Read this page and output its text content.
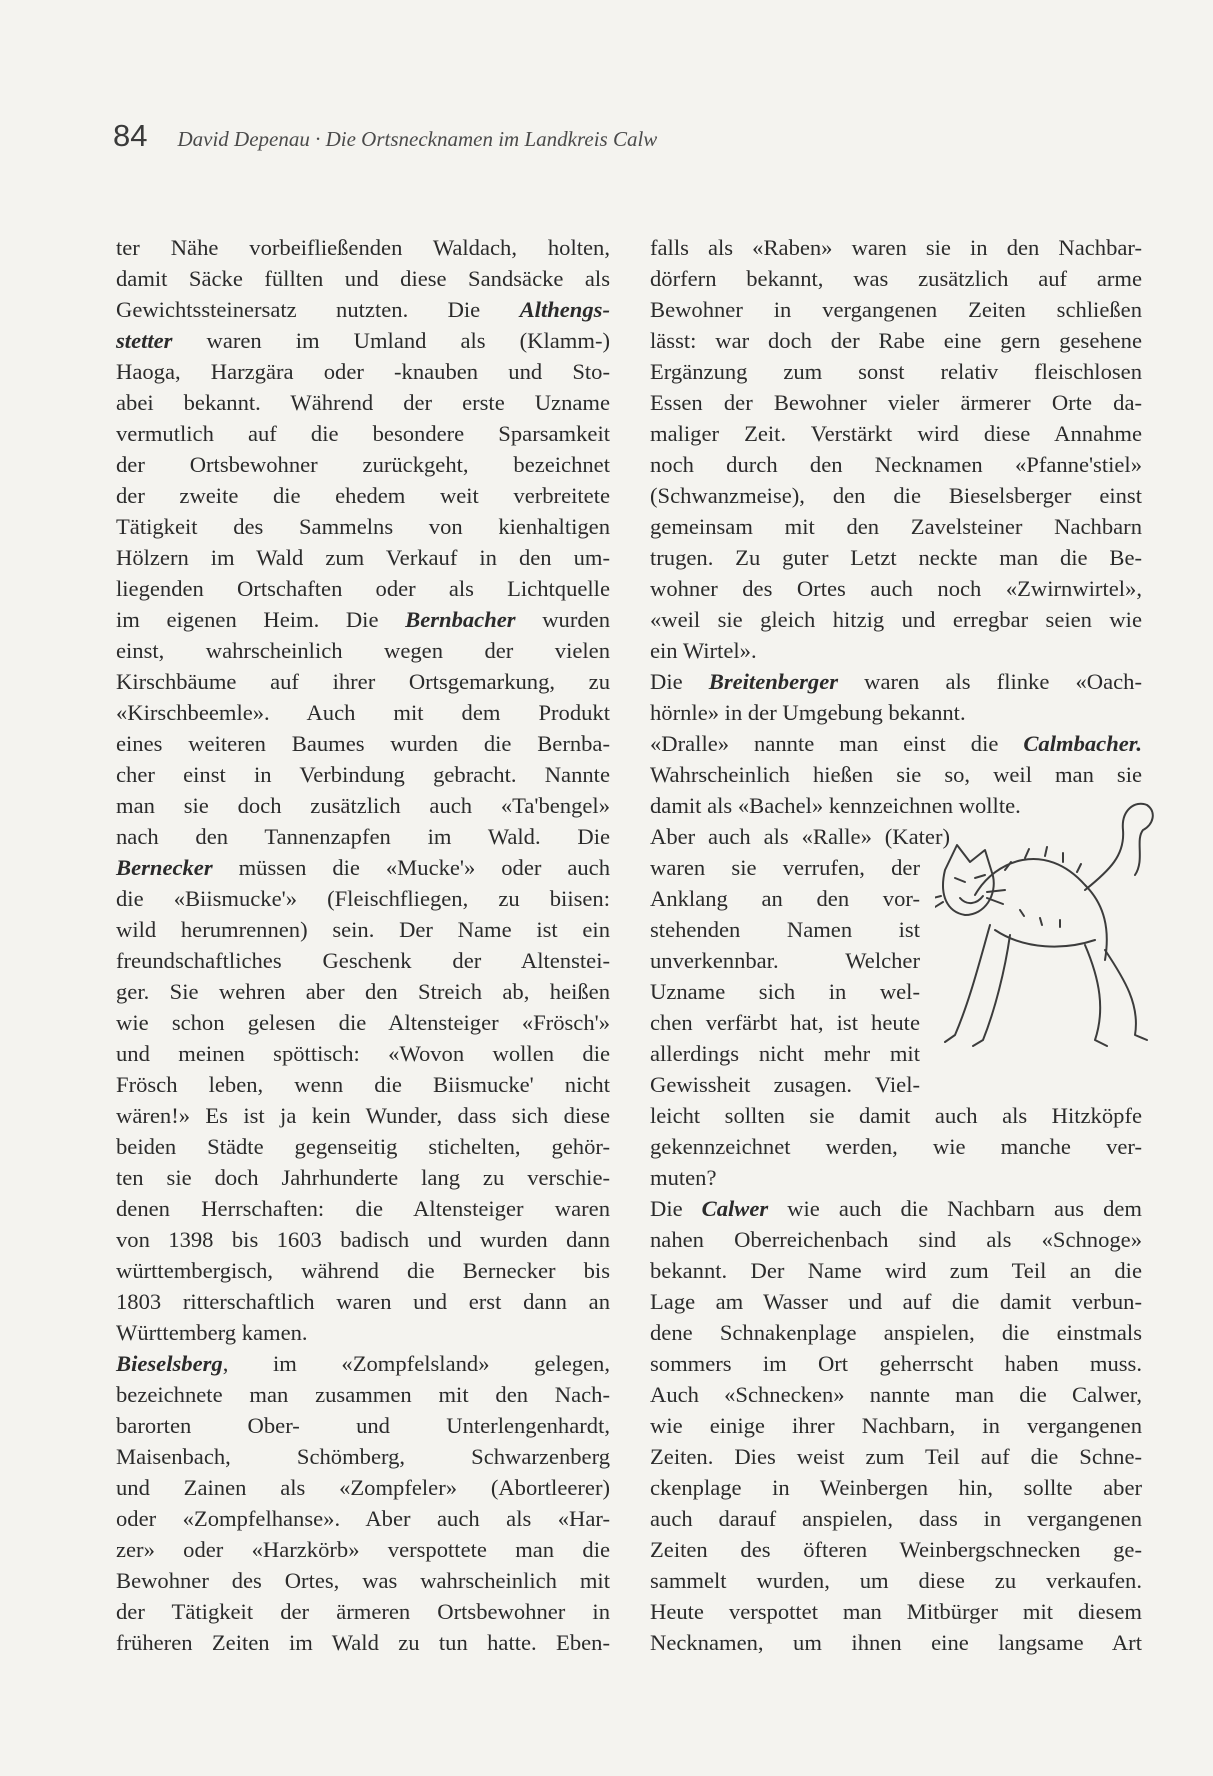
84 David Depenau · Die Ortsnecknamen im Landkreis Calw
ter Nähe vorbeifließenden Waldach, holten,
damit Säcke füllten und diese Sandsäcke als
Gewichtssteinersatz nutzten. Die Althengs-
stetter waren im Umland als (Klamm-)
Haoga, Harzgära oder -knauben und Sto-
abei bekannt. Während der erste Uzname
vermutlich auf die besondere Sparsamkeit
der Ortsbewohner zurückgeht, bezeichnet
der zweite die ehedem weit verbreitete
Tätigkeit des Sammelns von kienhaltigen
Hölzern im Wald zum Verkauf in den um-
liegenden Ortschaften oder als Lichtquelle
im eigenen Heim. Die Bernbacher wurden
einst, wahrscheinlich wegen der vielen
Kirschbäume auf ihrer Ortsgemarkung, zu
«Kirschbeemle». Auch mit dem Produkt
eines weiteren Baumes wurden die Bernba-
cher einst in Verbindung gebracht. Nannte
man sie doch zusätzlich auch «Ta'bengel»
nach den Tannenzapfen im Wald. Die
Bernecker müssen die «Mucke'» oder auch
die «Biismucke'» (Fleischfliegen, zu biisen:
wild herumrennen) sein. Der Name ist ein
freundschaftliches Geschenk der Altenstei-
ger. Sie wehren aber den Streich ab, heißen
wie schon gelesen die Altensteiger «Frösch'»
und meinen spöttisch: «Wovon wollen die
Frösch leben, wenn die Biismucke' nicht
wären!» Es ist ja kein Wunder, dass sich diese
beiden Städte gegenseitig stichelten, gehör-
ten sie doch Jahrhunderte lang zu verschie-
denen Herrschaften: die Altensteiger waren
von 1398 bis 1603 badisch und wurden dann
württembergisch, während die Bernecker bis
1803 ritterschaftlich waren und erst dann an
Württemberg kamen.
Bieselsberg, im «Zompfelsland» gelegen,
bezeichnete man zusammen mit den Nach-
barorten Ober- und Unterlengenhardt,
Maisenbach, Schömberg, Schwarzenberg
und Zainen als «Zompfeler» (Abortleerer)
oder «Zompfelhanse». Aber auch als «Har-
zer» oder «Harzkörb» verspottete man die
Bewohner des Ortes, was wahrscheinlich mit
der Tätigkeit der ärmeren Ortsbewohner in
früheren Zeiten im Wald zu tun hatte. Eben-
falls als «Raben» waren sie in den Nachbar-
dörfern bekannt, was zusätzlich auf arme
Bewohner in vergangenen Zeiten schließen
lässt: war doch der Rabe eine gern gesehene
Ergänzung zum sonst relativ fleischlosen
Essen der Bewohner vieler ärmerer Orte da-
maliger Zeit. Verstärkt wird diese Annahme
noch durch den Necknamen «Pfanne'stiel»
(Schwanzmeise), den die Bieselsberger einst
gemeinsam mit den Zavelsteiner Nachbarn
trugen. Zu guter Letzt neckte man die Be-
wohner des Ortes auch noch «Zwirnwirtel»,
«weil sie gleich hitzig und erregbar seien wie
ein Wirtel».
Die Breitenberger waren als flinke «Oach-
hörnle» in der Umgebung bekannt.
«Dralle» nannte man einst die Calmbacher.
Wahrscheinlich hießen sie so, weil man sie
damit als «Bachel» kennzeichnen wollte.
Aber auch als «Ralle» (Kater)
waren sie verrufen, der
Anklang an den vor-
stehenden Namen ist
unverkennbar. Welcher
Uzname sich in wel-
chen verfärbt hat, ist heute
allerdings nicht mehr mit
Gewissheit zusagen. Viel-
leicht sollten sie damit auch als Hitzköpfe
gekennzeichnet werden, wie manche ver-
muten?
Die Calwer wie auch die Nachbarn aus dem
nahen Oberreichenbach sind als «Schnoge»
bekannt. Der Name wird zum Teil an die
Lage am Wasser und auf die damit verbun-
dene Schnakenplage anspielen, die einstmals
sommers im Ort geherrscht haben muss.
Auch «Schnecken» nannte man die Calwer,
wie einige ihrer Nachbarn, in vergangenen
Zeiten. Dies weist zum Teil auf die Schne-
ckenplage in Weinbergen hin, sollte aber
auch darauf anspielen, dass in vergangenen
Zeiten des öfteren Weinbergschnecken ge-
sammelt wurden, um diese zu verkaufen.
Heute verspottet man Mitbürger mit diesem
Necknamen, um ihnen eine langsame Art
